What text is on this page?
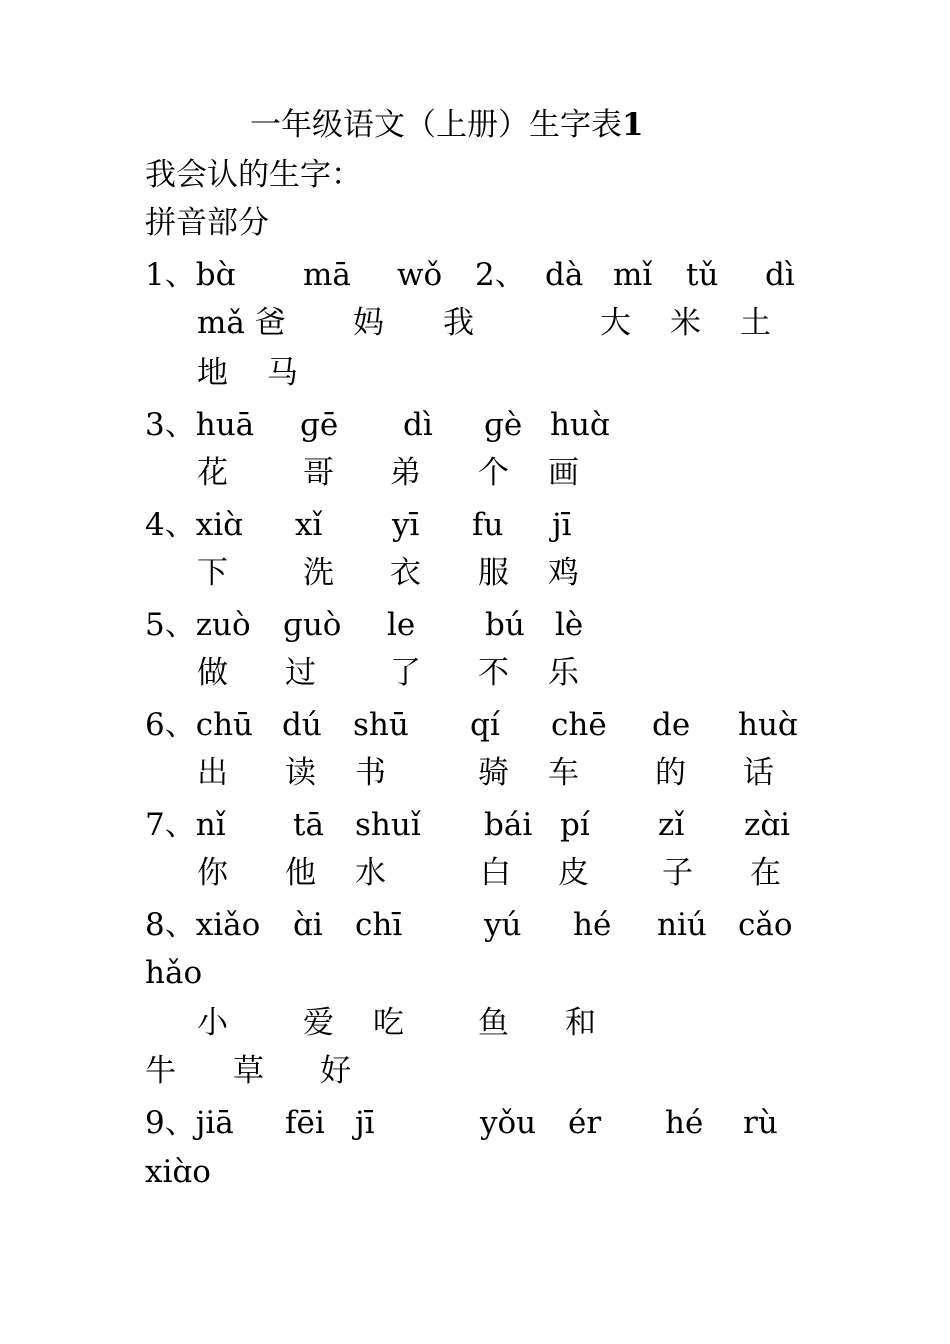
一年级语文（上册）生字表1
我会认的生字：
拼音部分
1、bɑ̀ mā wǒ 2、 dà mǐ tǔ dì
mǎ 爸 妈 我	大 米 土
地 马
3、huā ɡē dì ɡè huɑ̀
花 哥 弟 个 画
4、xiɑ̀ xǐ yī fu jī
下 洗 衣 服 鸡
5、zuò ɡuò le bú lè
做 过 了 不 乐
6、chū dú shū qí chē de huɑ̀
出 读 书	骑 车 的 话
7、nǐ tā shuǐ bái pí zǐ zɑ̀i
你 他 水	白 皮 子 在
8、xiǎo ɑ̀i chī	yú hé niú cǎo
hǎo
小 爱 吃 鱼 和
牛 草 好
9、jiā fēi jī	yǒu ér hé rù
xiɑ̀o
